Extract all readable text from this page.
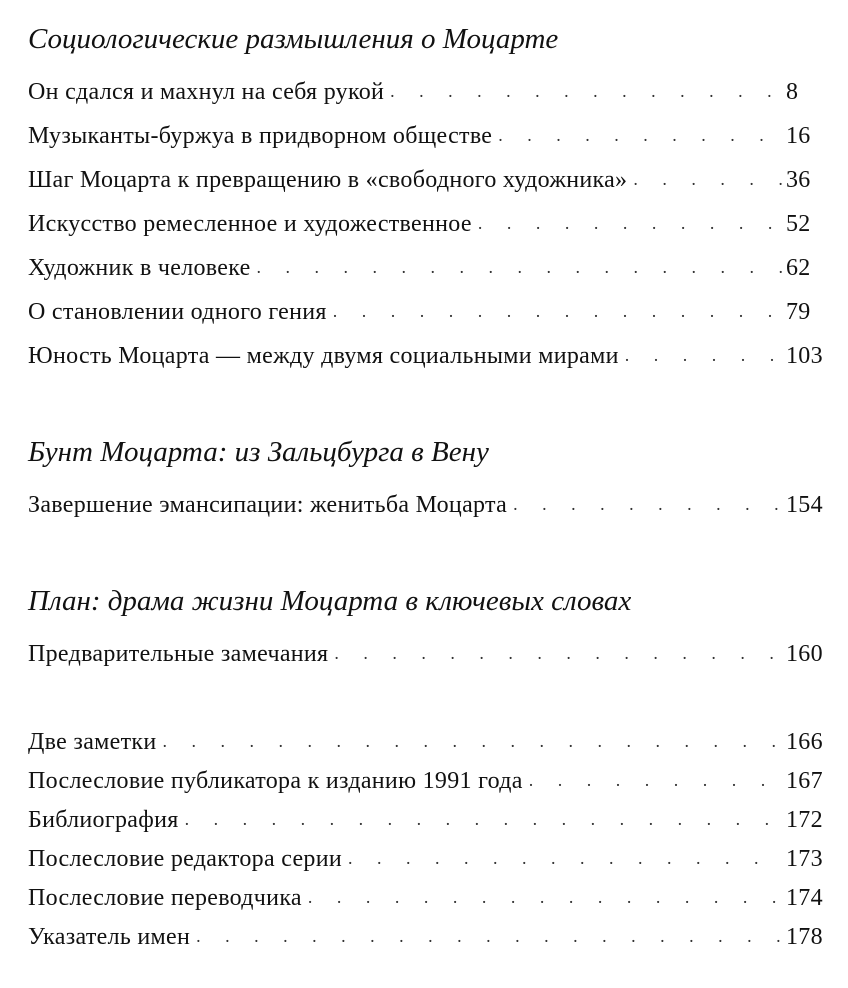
Социологические размышления о Моцарте
Он сдался и махнул на себя рукой . . .	8
Музыканты-буржуа в придворном обществе . . .	16
Шаг Моцарта к превращению в «свободного художника» . . .	36
Искусство ремесленное и художественное . . .	52
Художник в человеке . . .	62
О становлении одного гения . . .	79
Юность Моцарта — между двумя социальными мирами . . .	103
Бунт Моцарта: из Зальцбурга в Вену
Завершение эмансипации: женитьба Моцарта . . .	154
План: драма жизни Моцарта в ключевых словах
Предварительные замечания . . .	160
Две заметки . . .	166
Послесловие публикатора к изданию 1991 года . . .	167
Библиография . . .	172
Послесловие редактора серии . . .	173
Послесловие переводчика . . .	174
Указатель имен . . .	178
